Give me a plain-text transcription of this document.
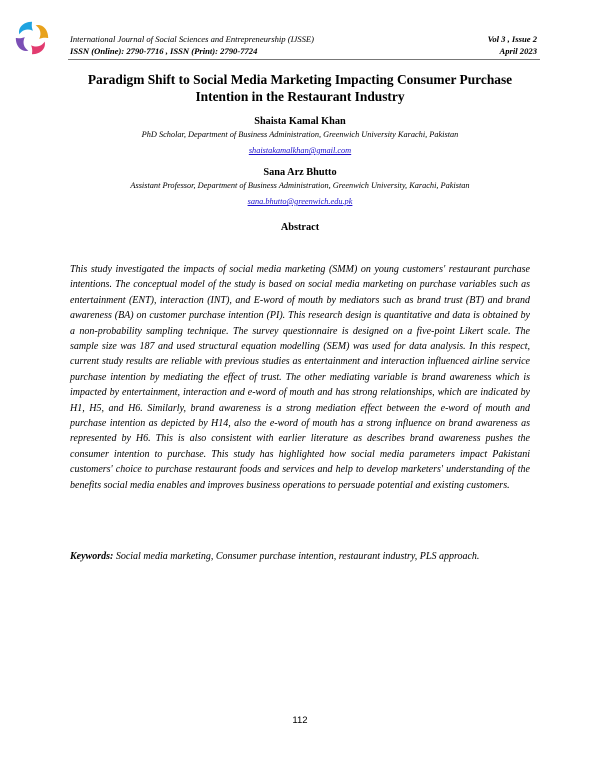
International Journal of Social Sciences and Entrepreneurship (IJSSE)
ISSN (Online): 2790-7716 , ISSN (Print): 2790-7724
Vol 3 , Issue 2
April 2023
Paradigm Shift to Social Media Marketing Impacting Consumer Purchase Intention in the Restaurant Industry
Shaista Kamal Khan
PhD Scholar, Department of Business Administration, Greenwich University Karachi, Pakistan
shaistakamalkhan@gmail.com
Sana Arz Bhutto
Assistant Professor, Department of Business Administration, Greenwich University, Karachi, Pakistan
sana.bhutto@greenwich.edu.pk
Abstract

This study investigated the impacts of social media marketing (SMM) on young customers' restaurant purchase intentions. The conceptual model of the study is based on social media marketing on purchase variables such as entertainment (ENT), interaction (INT), and E-word of mouth by mediators such as brand trust (BT) and brand awareness (BA) on customer purchase intention (PI). This research design is quantitative and data is obtained by a non-probability sampling technique. The survey questionnaire is designed on a five-point Likert scale. The sample size was 187 and used structural equation modelling (SEM) was used for data analysis. In this respect, current study results are reliable with previous studies as entertainment and interaction influenced airline service purchase intention by mediating the effect of trust. The other mediating variable is brand awareness which is impacted by entertainment, interaction and e-word of mouth and has strong relationships, which are indicated by H1, H5, and H6. Similarly, brand awareness is a strong mediation effect between the e-word of mouth and purchase intention as depicted by H14, also the e-word of mouth has a strong influence on brand awareness as represented by H6. This is also consistent with earlier literature as describes brand awareness pushes the consumer intention to purchase. This study has highlighted how social media parameters impact Pakistani customers' choice to purchase restaurant foods and services and help to develop marketers' understanding of the benefits social media enables and improves business operations to persuade potential and existing customers.

Keywords: Social media marketing, Consumer purchase intention, restaurant industry, PLS approach.

112
